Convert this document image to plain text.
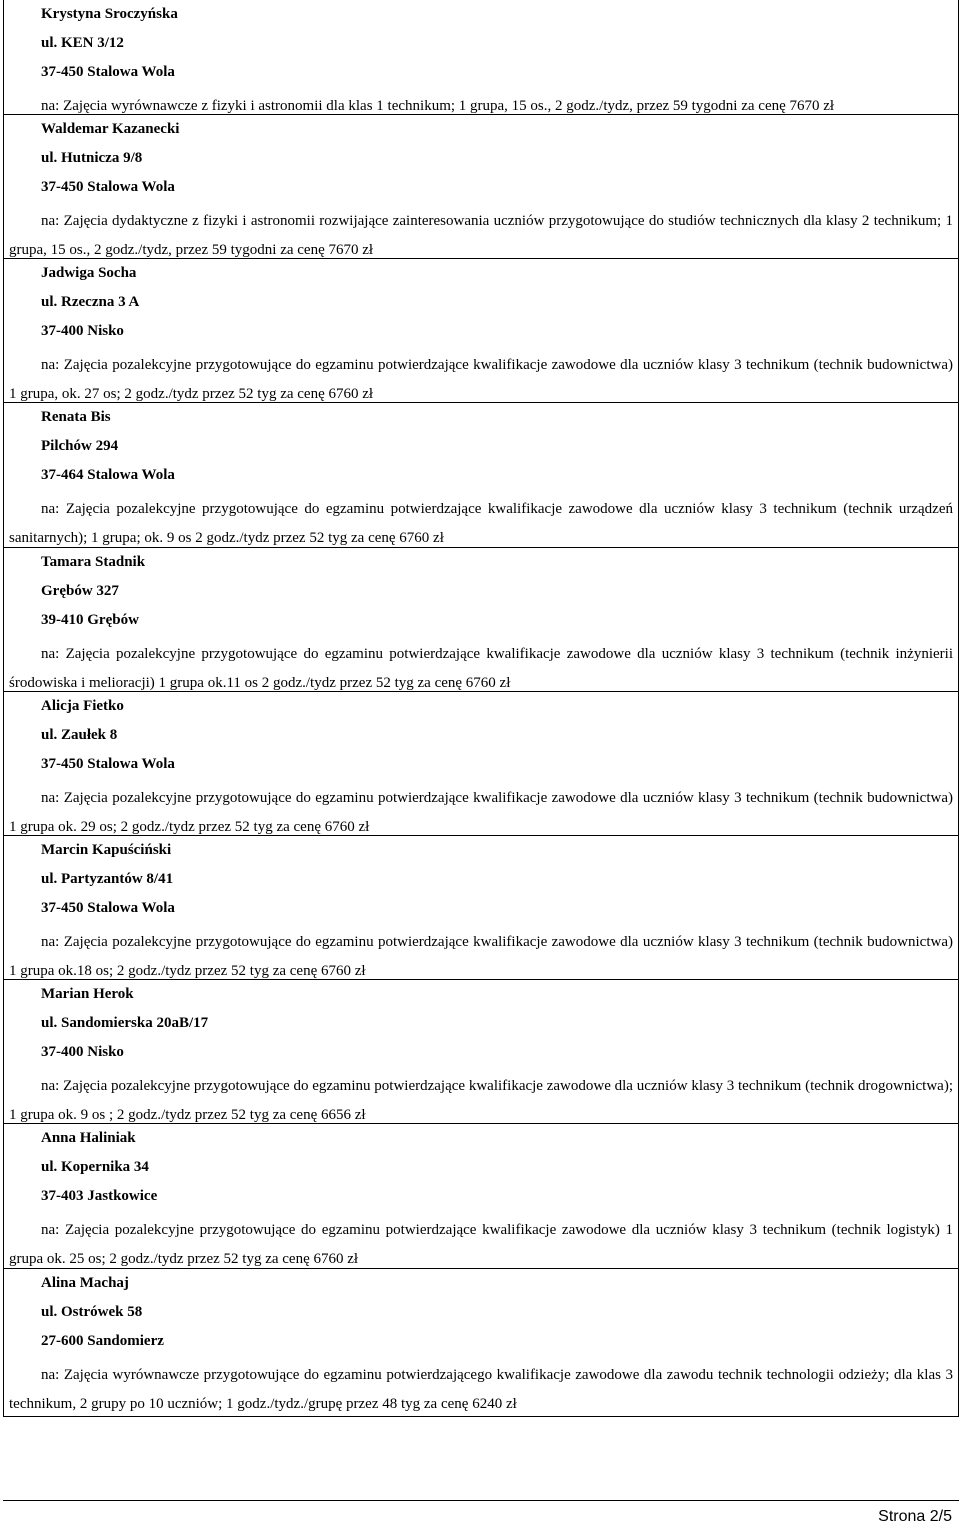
Krystyna Sroczyńska
ul. KEN 3/12
37-450 Stalowa Wola

na: Zajęcia wyrównawcze z fizyki i astronomii dla klas 1 technikum; 1 grupa, 15 os., 2 godz./tydz, przez 59 tygodni za cenę 7670 zł

Waldemar Kazanecki
ul. Hutnicza 9/8
37-450 Stalowa Wola

na: Zajęcia dydaktyczne z fizyki i astronomii rozwijające zainteresowania uczniów przygotowujące do studiów technicznych dla klasy 2 technikum; 1 grupa, 15 os., 2 godz./tydz, przez 59 tygodni za cenę 7670 zł

Jadwiga Socha
ul. Rzeczna 3 A
37-400 Nisko

na: Zajęcia pozalekcyjne przygotowujące do egzaminu potwierdzające kwalifikacje zawodowe dla uczniów klasy 3 technikum (technik budownictwa) 1 grupa, ok. 27 os; 2 godz./tydz przez 52 tyg za cenę 6760 zł

Renata Bis
Pilchów 294
37-464 Stalowa Wola

na: Zajęcia pozalekcyjne przygotowujące do egzaminu potwierdzające kwalifikacje zawodowe dla uczniów klasy 3 technikum (technik urządzeń sanitarnych); 1 grupa; ok. 9 os 2 godz./tydz przez 52 tyg za cenę 6760 zł

Tamara Stadnik
Grębów 327
39-410 Grębów

na: Zajęcia pozalekcyjne przygotowujące do egzaminu potwierdzające kwalifikacje zawodowe dla uczniów klasy 3 technikum (technik inżynierii środowiska i melioracji) 1 grupa ok.11 os 2 godz./tydz przez 52 tyg za cenę 6760 zł

Alicja Fietko
ul. Zaułek 8
37-450 Stalowa Wola

na: Zajęcia pozalekcyjne przygotowujące do egzaminu potwierdzające kwalifikacje zawodowe dla uczniów klasy 3 technikum (technik budownictwa) 1 grupa ok. 29 os; 2 godz./tydz przez 52 tyg za cenę 6760 zł

Marcin Kapuściński
ul. Partyzantów 8/41
37-450 Stalowa Wola

na: Zajęcia pozalekcyjne przygotowujące do egzaminu potwierdzające kwalifikacje zawodowe dla uczniów klasy 3 technikum (technik budownictwa) 1 grupa ok.18 os; 2 godz./tydz przez 52 tyg za cenę 6760 zł

Marian Herok
ul. Sandomierska 20aB/17
37-400 Nisko

na: Zajęcia pozalekcyjne przygotowujące do egzaminu potwierdzające kwalifikacje zawodowe dla uczniów klasy 3 technikum (technik drogownictwa); 1 grupa ok. 9 os ; 2 godz./tydz przez 52 tyg za cenę 6656 zł

Anna Haliniak
ul. Kopernika 34
37-403 Jastkowice

na: Zajęcia pozalekcyjne przygotowujące do egzaminu potwierdzające kwalifikacje zawodowe dla uczniów klasy 3 technikum (technik logistyk) 1 grupa ok. 25 os; 2 godz./tydz przez 52 tyg za cenę 6760 zł

Alina Machaj
ul. Ostrówek 58
27-600 Sandomierz

na: Zajęcia wyrównawcze przygotowujące do egzaminu potwierdzającego kwalifikacje zawodowe dla zawodu technik technologii odzieży; dla klas 3 technikum, 2 grupy po 10 uczniów; 1 godz./tydz./grupę przez 48 tyg za cenę 6240 zł

Strona 2/5
